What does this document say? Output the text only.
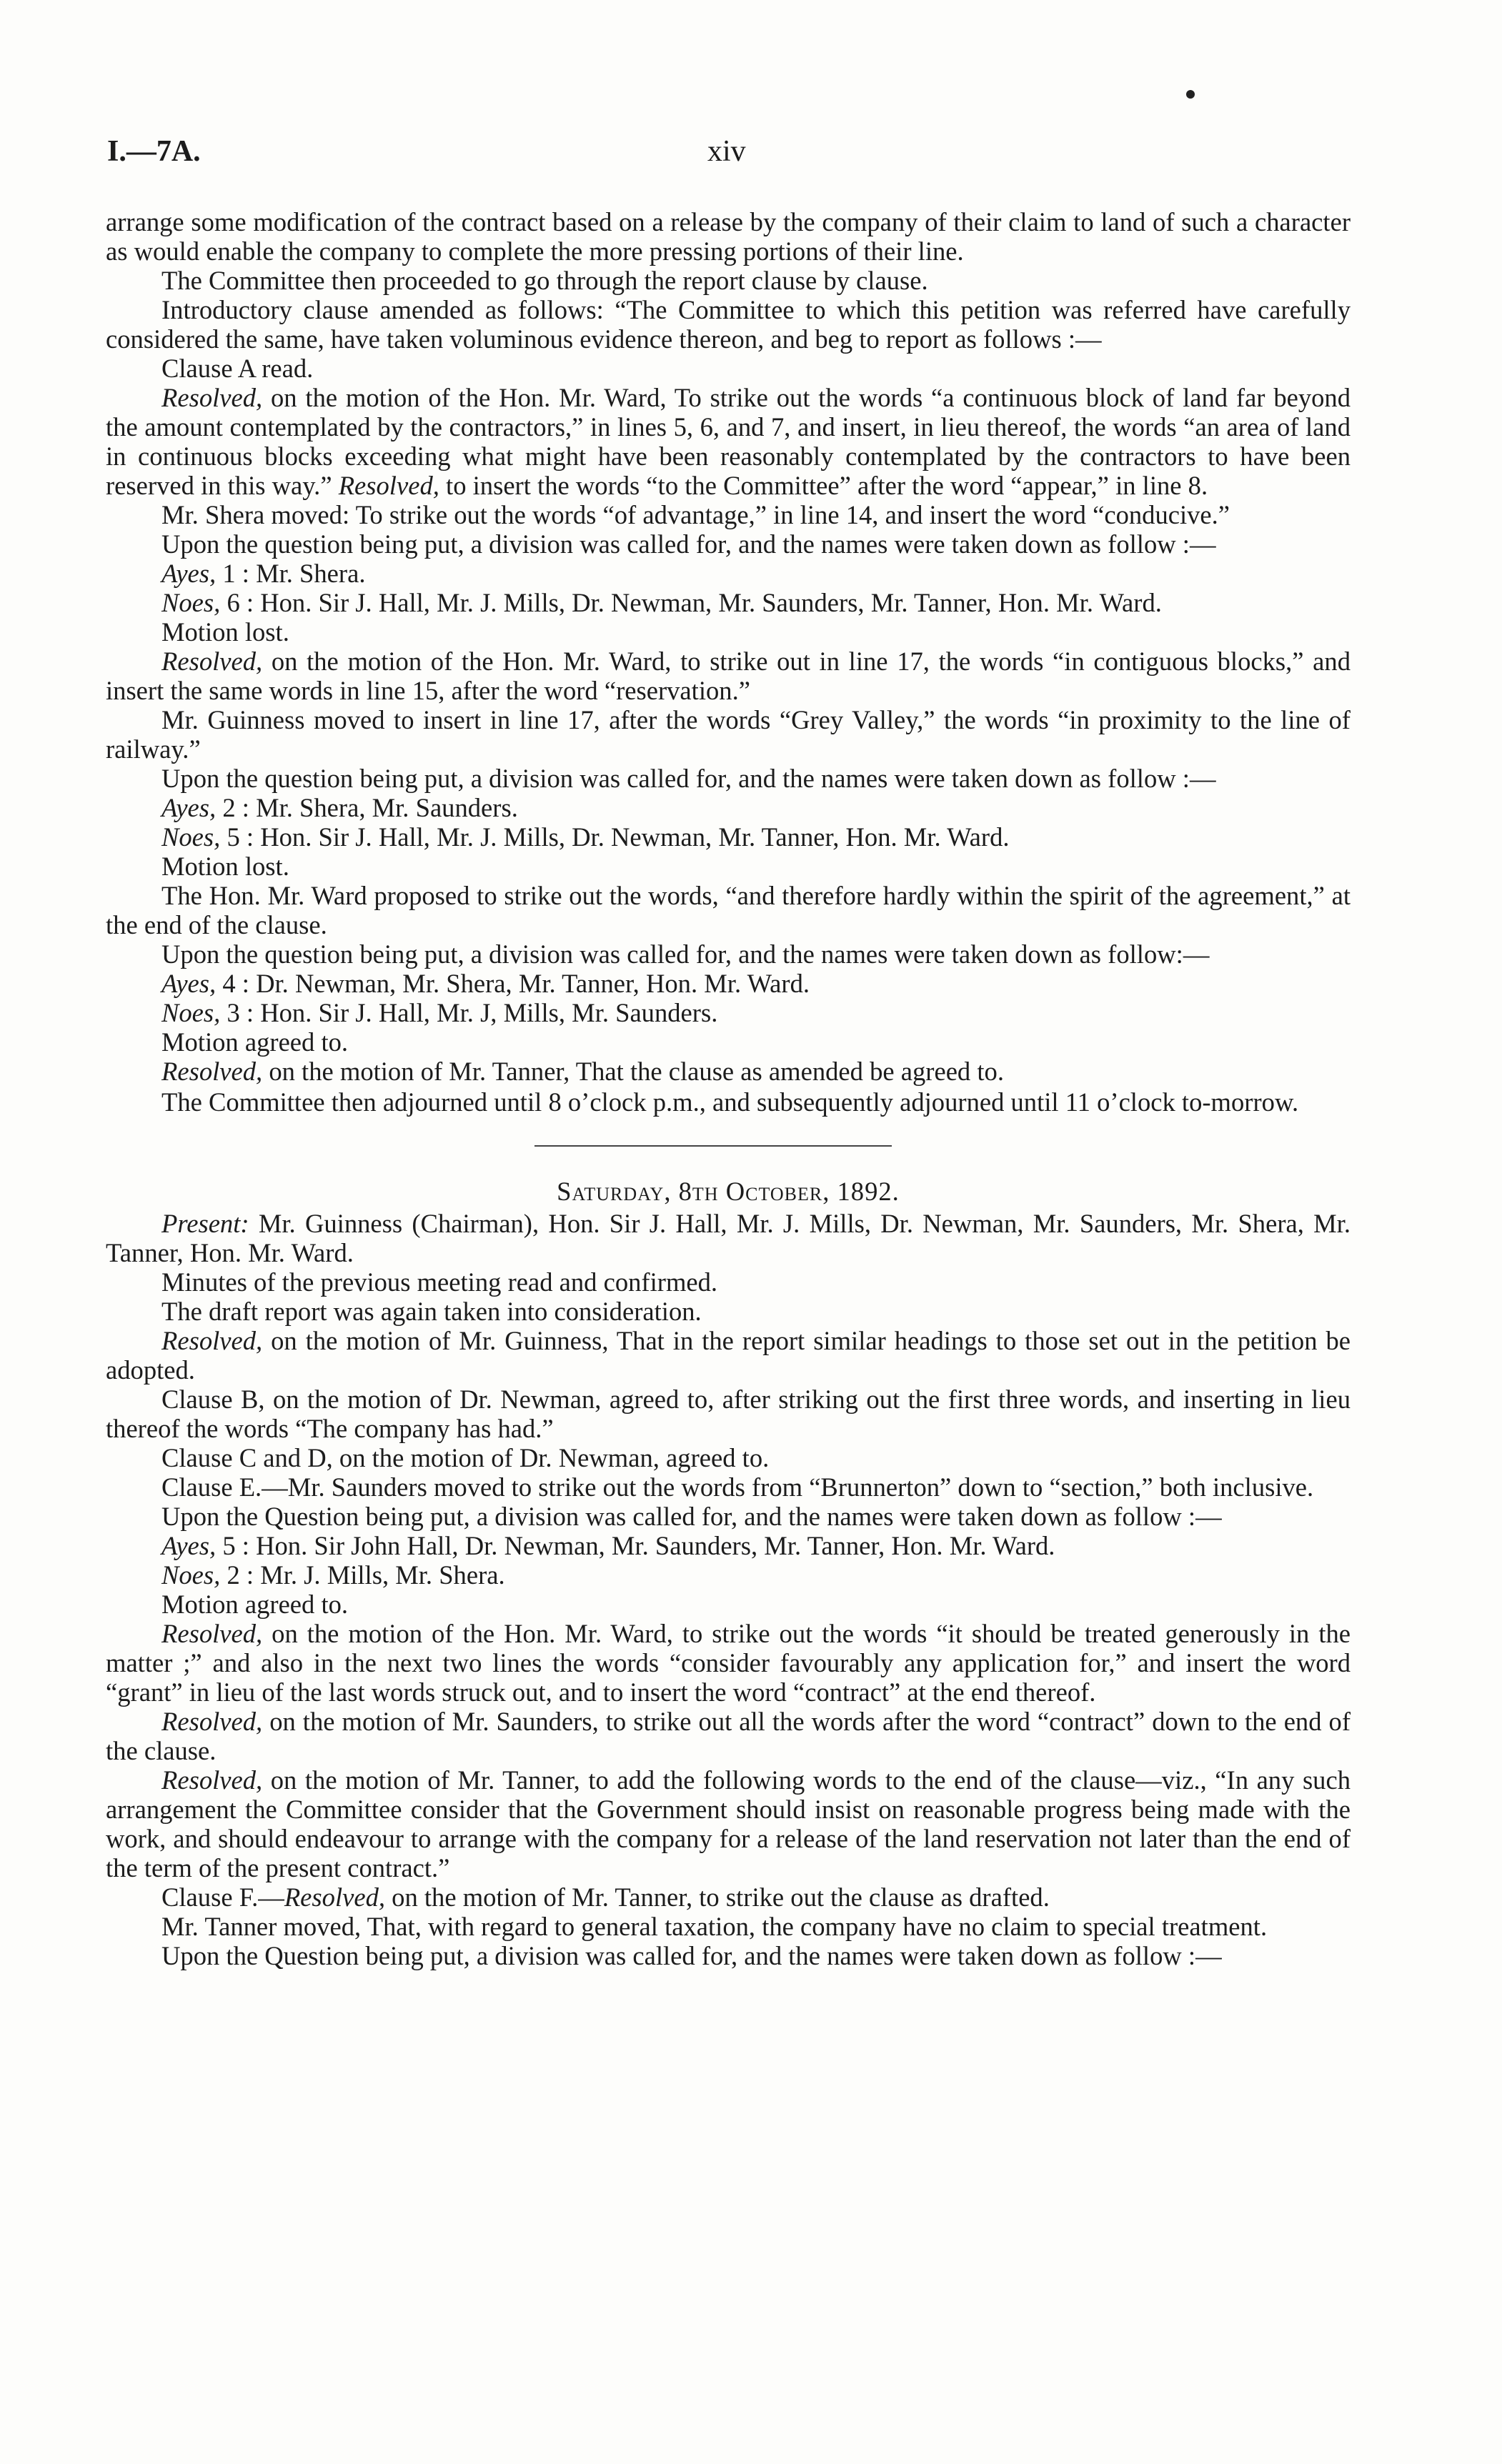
I.—7A.	xiv

arrange some modification of the contract based on a release by the company of their claim to land of such a character as would enable the company to complete the more pressing portions of their line.

The Committee then proceeded to go through the report clause by clause.

Introductory clause amended as follows: “The Committee to which this petition was referred have carefully considered the same, have taken voluminous evidence thereon, and beg to report as follows :—

Clause A read.

Resolved, on the motion of the Hon. Mr. Ward, To strike out the words “a continuous block of land far beyond the amount contemplated by the contractors,” in lines 5, 6, and 7, and insert, in lieu thereof, the words “an area of land in continuous blocks exceeding what might have been reasonably contemplated by the contractors to have been reserved in this way.” Resolved, to insert the words “to the Committee” after the word “appear,” in line 8.

Mr. Shera moved: To strike out the words “of advantage,” in line 14, and insert the word “conducive.”

Upon the question being put, a division was called for, and the names were taken down as follow :—

Ayes, 1 : Mr. Shera.

Noes, 6 : Hon. Sir J. Hall, Mr. J. Mills, Dr. Newman, Mr. Saunders, Mr. Tanner, Hon. Mr. Ward.

Motion lost.

Resolved, on the motion of the Hon. Mr. Ward, to strike out in line 17, the words “in contiguous blocks,” and insert the same words in line 15, after the word “reservation.”

Mr. Guinness moved to insert in line 17, after the words “Grey Valley,” the words “in proximity to the line of railway.”

Upon the question being put, a division was called for, and the names were taken down as follow :—

Ayes, 2 : Mr. Shera, Mr. Saunders.

Noes, 5 : Hon. Sir J. Hall, Mr. J. Mills, Dr. Newman, Mr. Tanner, Hon. Mr. Ward.

Motion lost.

The Hon. Mr. Ward proposed to strike out the words, “and therefore hardly within the spirit of the agreement,” at the end of the clause.

Upon the question being put, a division was called for, and the names were taken down as follow:—

Ayes, 4 : Dr. Newman, Mr. Shera, Mr. Tanner, Hon. Mr. Ward.

Noes, 3 : Hon. Sir J. Hall, Mr. J, Mills, Mr. Saunders.

Motion agreed to.

Resolved, on the motion of Mr. Tanner, That the clause as amended be agreed to.

The Committee then adjourned until 8 o’clock p.m., and subsequently adjourned until 11 o’clock to-morrow.

Saturday, 8th October, 1892.

Present: Mr. Guinness (Chairman), Hon. Sir J. Hall, Mr. J. Mills, Dr. Newman, Mr. Saunders, Mr. Shera, Mr. Tanner, Hon. Mr. Ward.

Minutes of the previous meeting read and confirmed.

The draft report was again taken into consideration.

Resolved, on the motion of Mr. Guinness, That in the report similar headings to those set out in the petition be adopted.

Clause B, on the motion of Dr. Newman, agreed to, after striking out the first three words, and inserting in lieu thereof the words “The company has had.”

Clause C and D, on the motion of Dr. Newman, agreed to.

Clause E.—Mr. Saunders moved to strike out the words from “Brunnerton” down to “section,” both inclusive.

Upon the Question being put, a division was called for, and the names were taken down as follow :—

Ayes, 5 : Hon. Sir John Hall, Dr. Newman, Mr. Saunders, Mr. Tanner, Hon. Mr. Ward.

Noes, 2 : Mr. J. Mills, Mr. Shera.

Motion agreed to.

Resolved, on the motion of the Hon. Mr. Ward, to strike out the words “it should be treated generously in the matter ;” and also in the next two lines the words “consider favourably any application for,” and insert the word “grant” in lieu of the last words struck out, and to insert the word “contract” at the end thereof.

Resolved, on the motion of Mr. Saunders, to strike out all the words after the word “contract” down to the end of the clause.

Resolved, on the motion of Mr. Tanner, to add the following words to the end of the clause—viz., “In any such arrangement the Committee consider that the Government should insist on reasonable progress being made with the work, and should endeavour to arrange with the company for a release of the land reservation not later than the end of the term of the present contract.”

Clause F.—Resolved, on the motion of Mr. Tanner, to strike out the clause as drafted.

Mr. Tanner moved, That, with regard to general taxation, the company have no claim to special treatment.

Upon the Question being put, a division was called for, and the names were taken down as follow :—
